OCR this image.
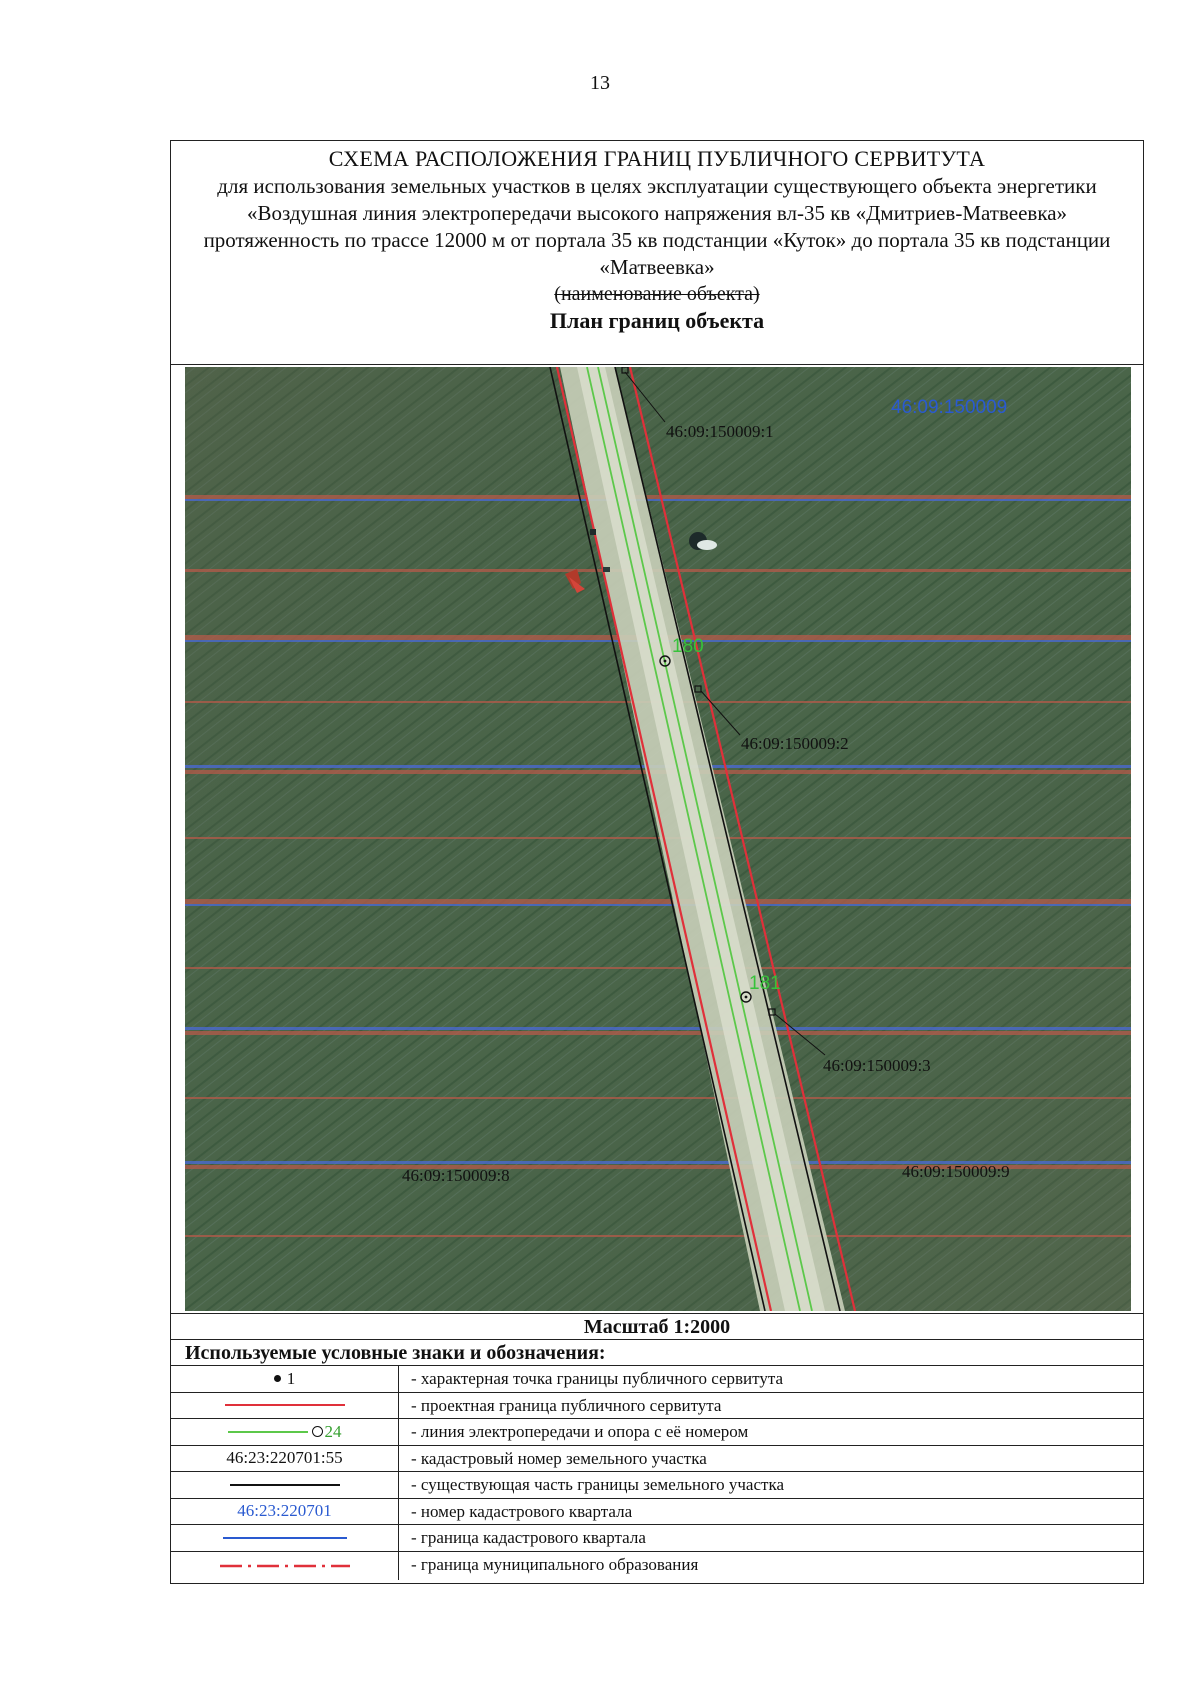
13
СХЕМА РАСПОЛОЖЕНИЯ ГРАНИЦ ПУБЛИЧНОГО СЕРВИТУТА
для использования земельных участков в целях эксплуатации существующего объекта энергетики «Воздушная линия электропередачи высокого напряжения вл-35 кв «Дмитриев-Матвеевка» протяженность по трассе 12000 м от портала 35 кв подстанции «Куток» до портала 35 кв подстанции «Матвеевка»
(наименование объекта)
План границ объекта
46:09:150009
46:09:150009:1
46:09:150009:2
46:09:150009:3
46:09:150009:8	46:09:150009:9
180
181
Масштаб 1:2000
Используемые условные знаки и обозначения:
1	- характерная точка границы публичного сервитута
- проектная граница публичного сервитута
24	- линия электропередачи и опора с её номером
46:23:220701:55	- кадастровый номер земельного участка
- существующая часть границы земельного участка
46:23:220701	- номер кадастрового квартала
- граница кадастрового квартала
- граница муниципального образования
